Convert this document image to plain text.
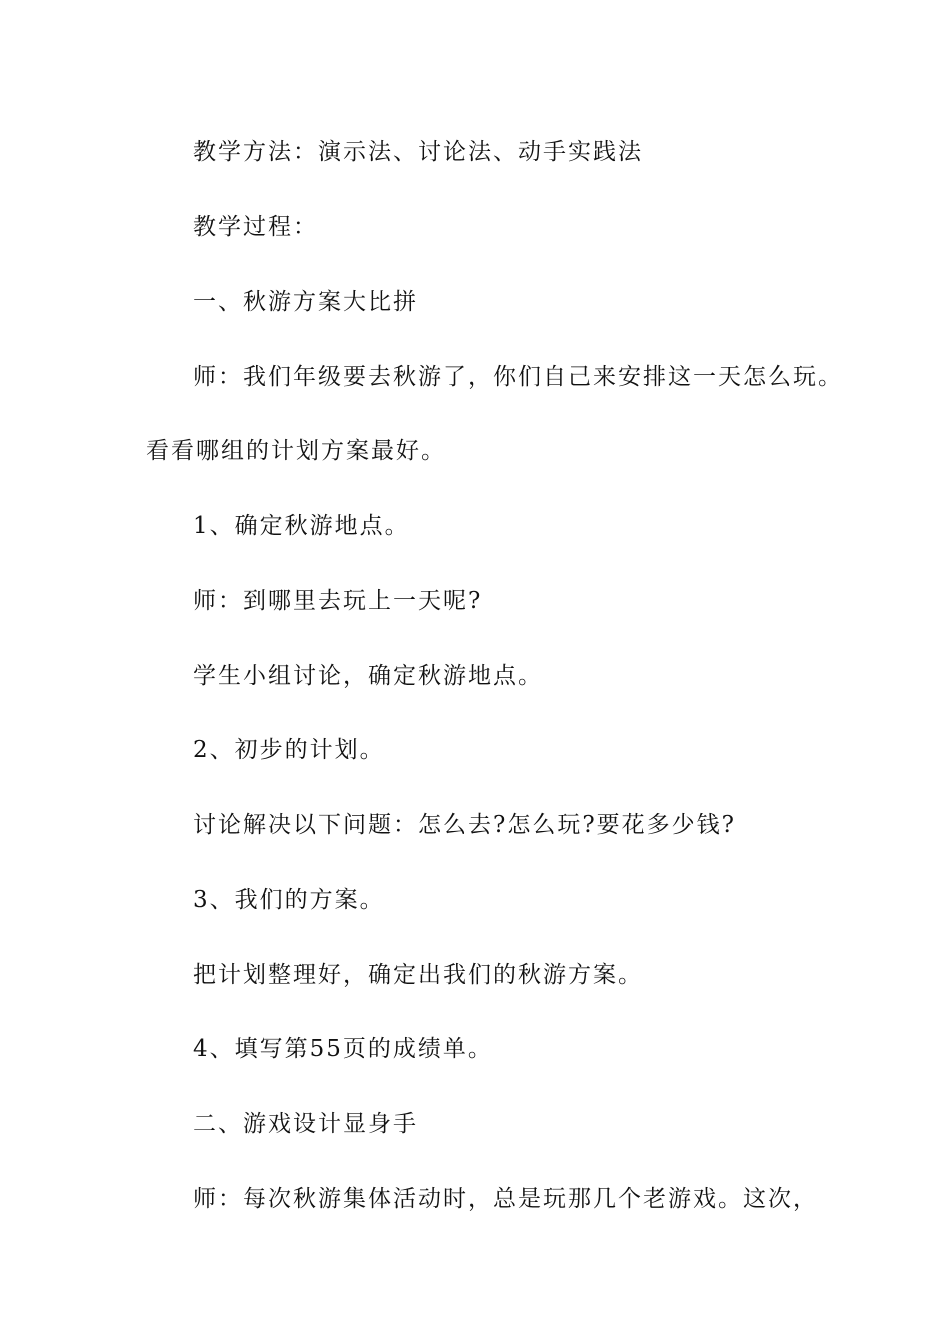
教学方法：演示法、讨论法、动手实践法

教学过程：

一、秋游方案大比拼

师：我们年级要去秋游了，你们自己来安排这一天怎么玩。

看看哪组的计划方案最好。

1、确定秋游地点。

师：到哪里去玩上一天呢?

学生小组讨论，确定秋游地点。

2、初步的计划。

讨论解决以下问题：怎么去?怎么玩?要花多少钱?

3、我们的方案。

把计划整理好，确定出我们的秋游方案。

4、填写第55页的成绩单。

二、游戏设计显身手

师：每次秋游集体活动时，总是玩那几个老游戏。这次，
